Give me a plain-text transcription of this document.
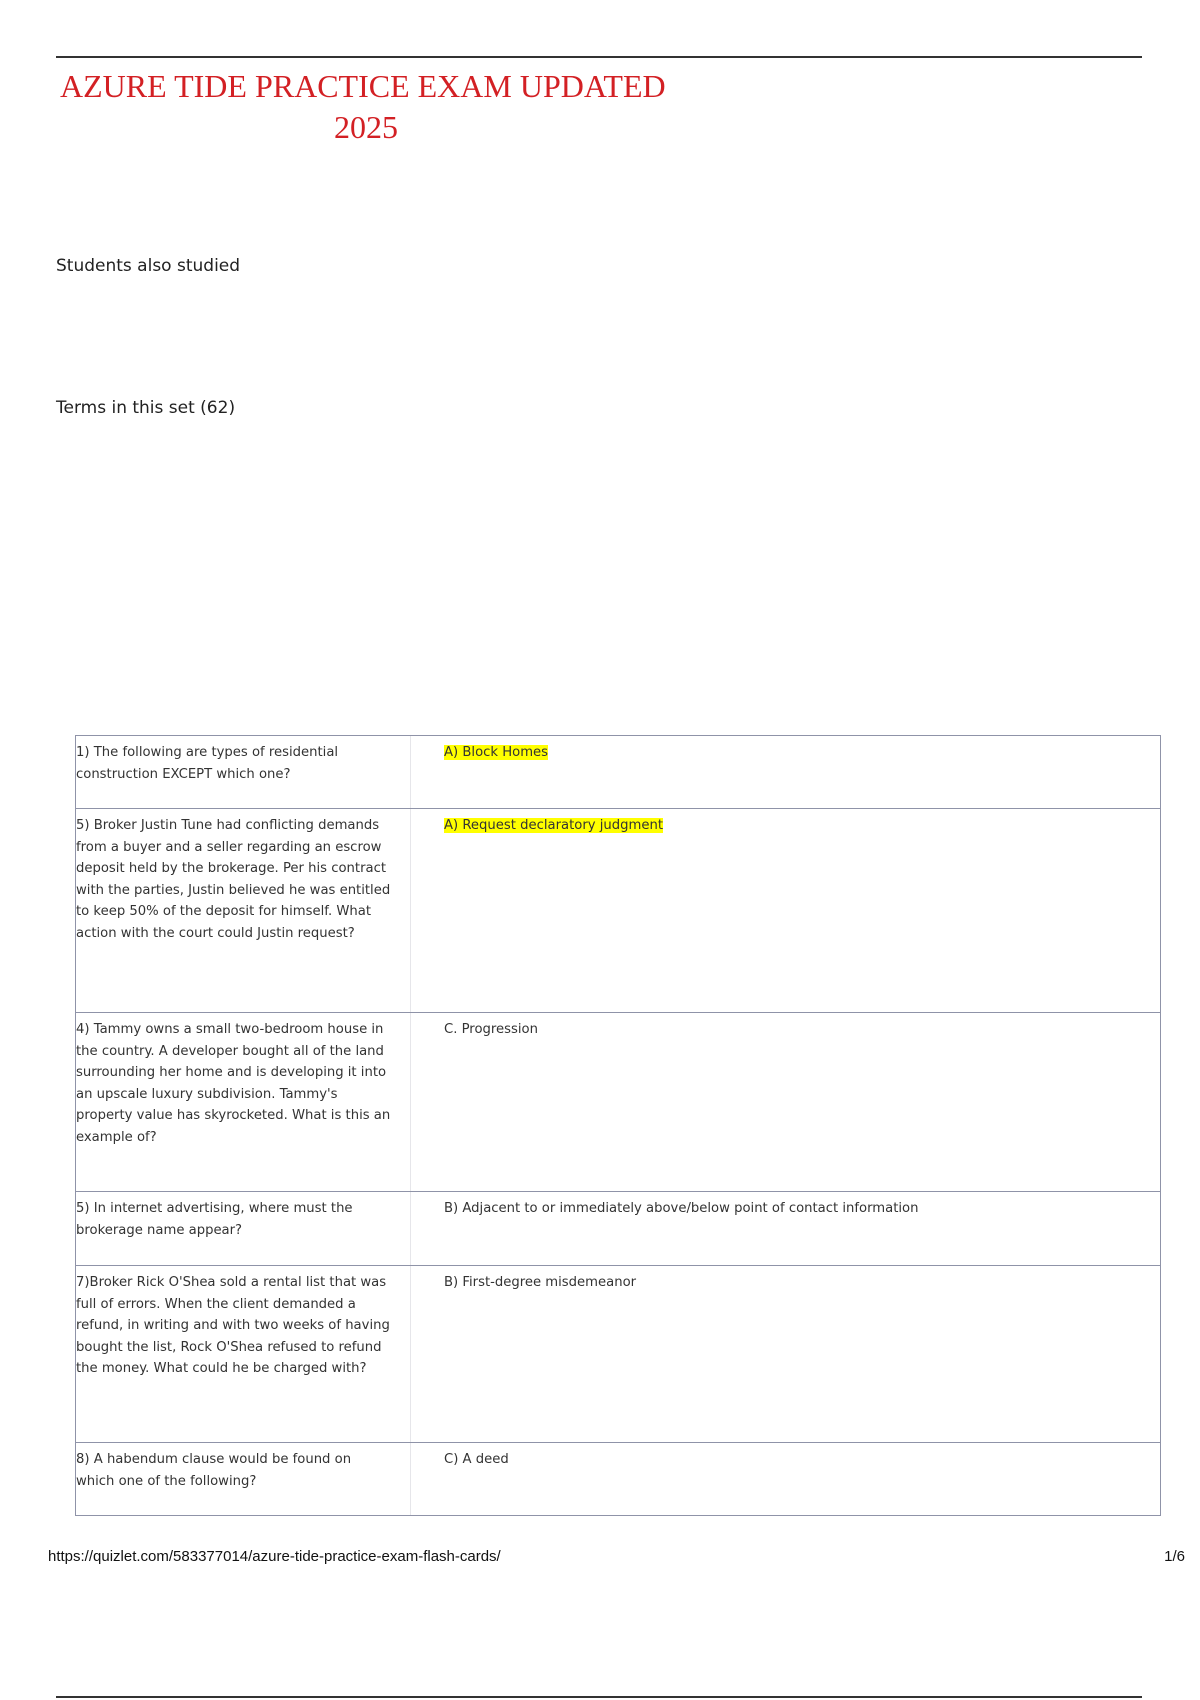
AZURE TIDE PRACTICE EXAM UPDATED
2025
Students also studied
Terms in this set (62)
1) The following are types of residential construction EXCEPT which one?
A) Block Homes
5) Broker Justin Tune had conflicting demands from a buyer and a seller regarding an escrow deposit held by the brokerage. Per his contract with the parties, Justin believed he was entitled to keep 50% of the deposit for himself. What action with the court could Justin request?
A) Request declaratory judgment
4) Tammy owns a small two-bedroom house in the country. A developer bought all of the land surrounding her home and is developing it into an upscale luxury subdivision. Tammy's property value has skyrocketed. What is this an example of?
C. Progression
5) In internet advertising, where must the brokerage name appear?
B) Adjacent to or immediately above/below point of contact information
7)Broker Rick O'Shea sold a rental list that was full of errors. When the client demanded a refund, in writing and with two weeks of having bought the list, Rock O'Shea refused to refund the money. What could he be charged with?
B) First-degree misdemeanor
8) A habendum clause would be found on which one of the following?
C) A deed
https://quizlet.com/583377014/azure-tide-practice-exam-flash-cards/	1/6
